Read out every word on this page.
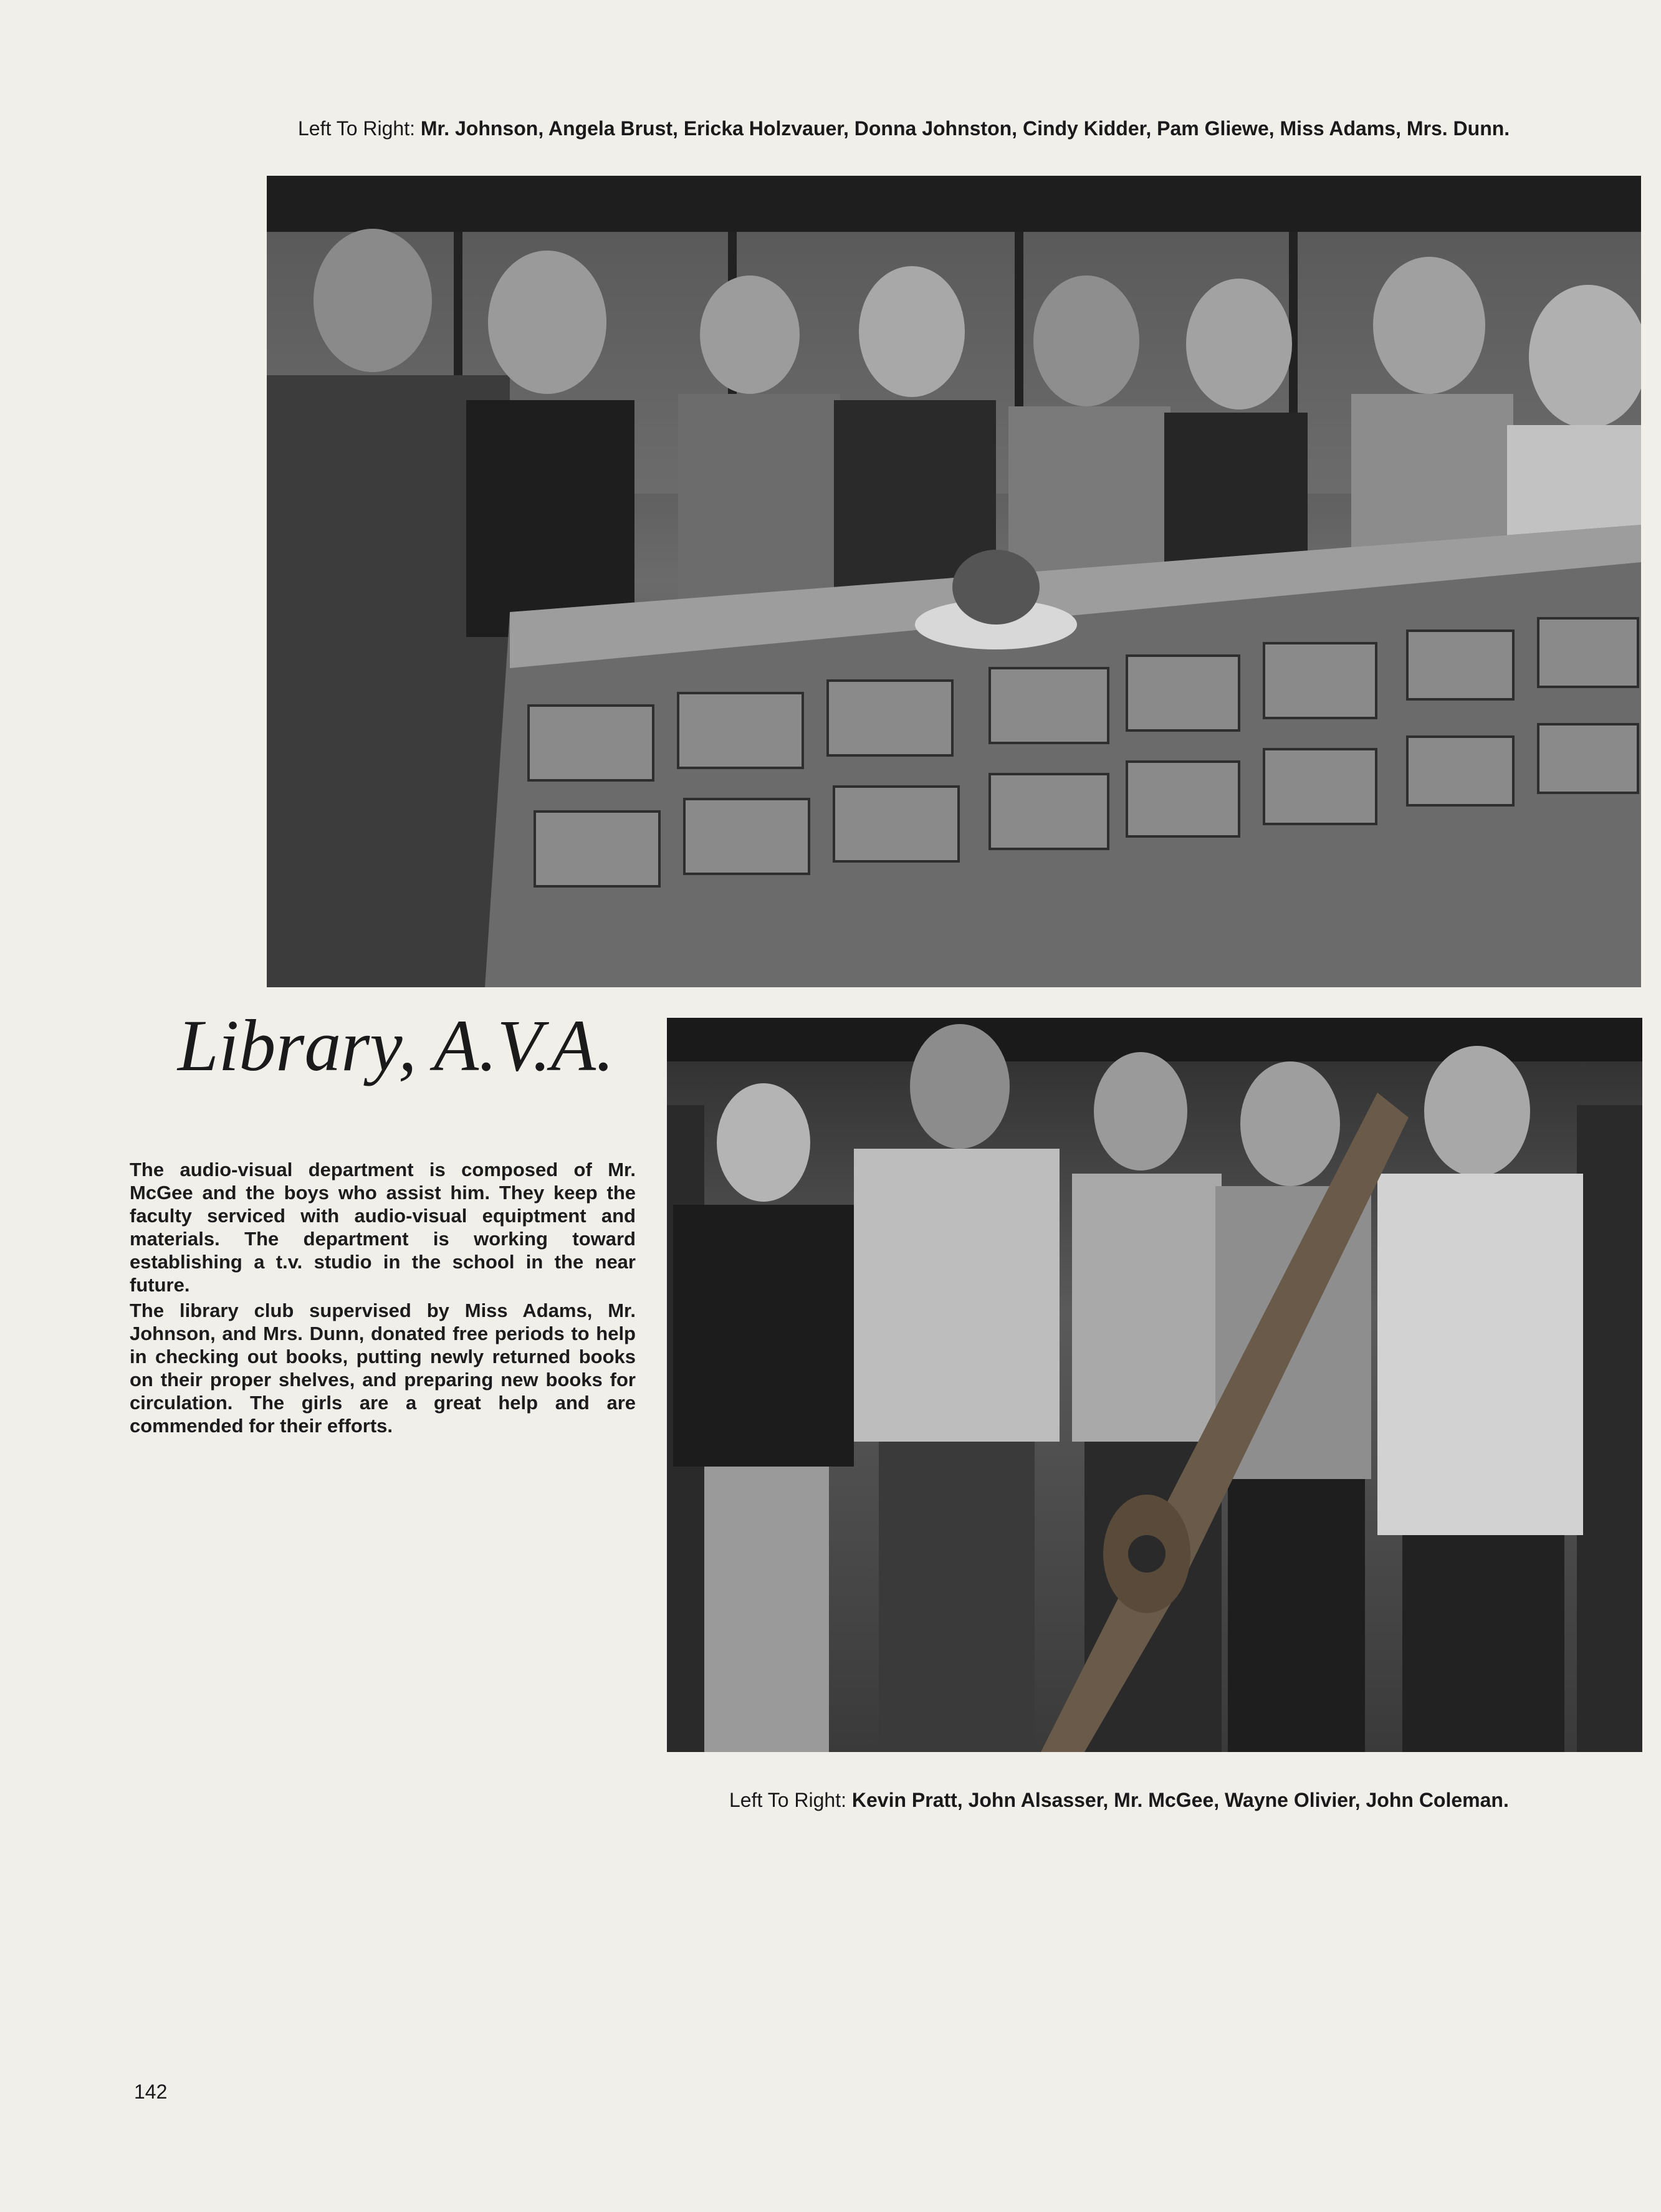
Left To Right: Mr. Johnson, Angela Brust, Ericka Holzvauer, Donna Johnston, Cindy Kidder, Pam Gliewe, Miss Adams, Mrs. Dunn.
Library, A.V.A.

The audio-visual department is composed of Mr. McGee and the boys who assist him. They keep the faculty serviced with audio-visual equiptment and materials. The department is working toward establishing a t.v. studio in the school in the near future.

The library club supervised by Miss Adams, Mr. Johnson, and Mrs. Dunn, donated free periods to help in checking out books, putting newly returned books on their proper shelves, and preparing new books for circulation. The girls are a great help and are commended for their efforts.

Left To Right: Kevin Pratt, John Alsasser, Mr. McGee, Wayne Olivier, John Coleman.
142
